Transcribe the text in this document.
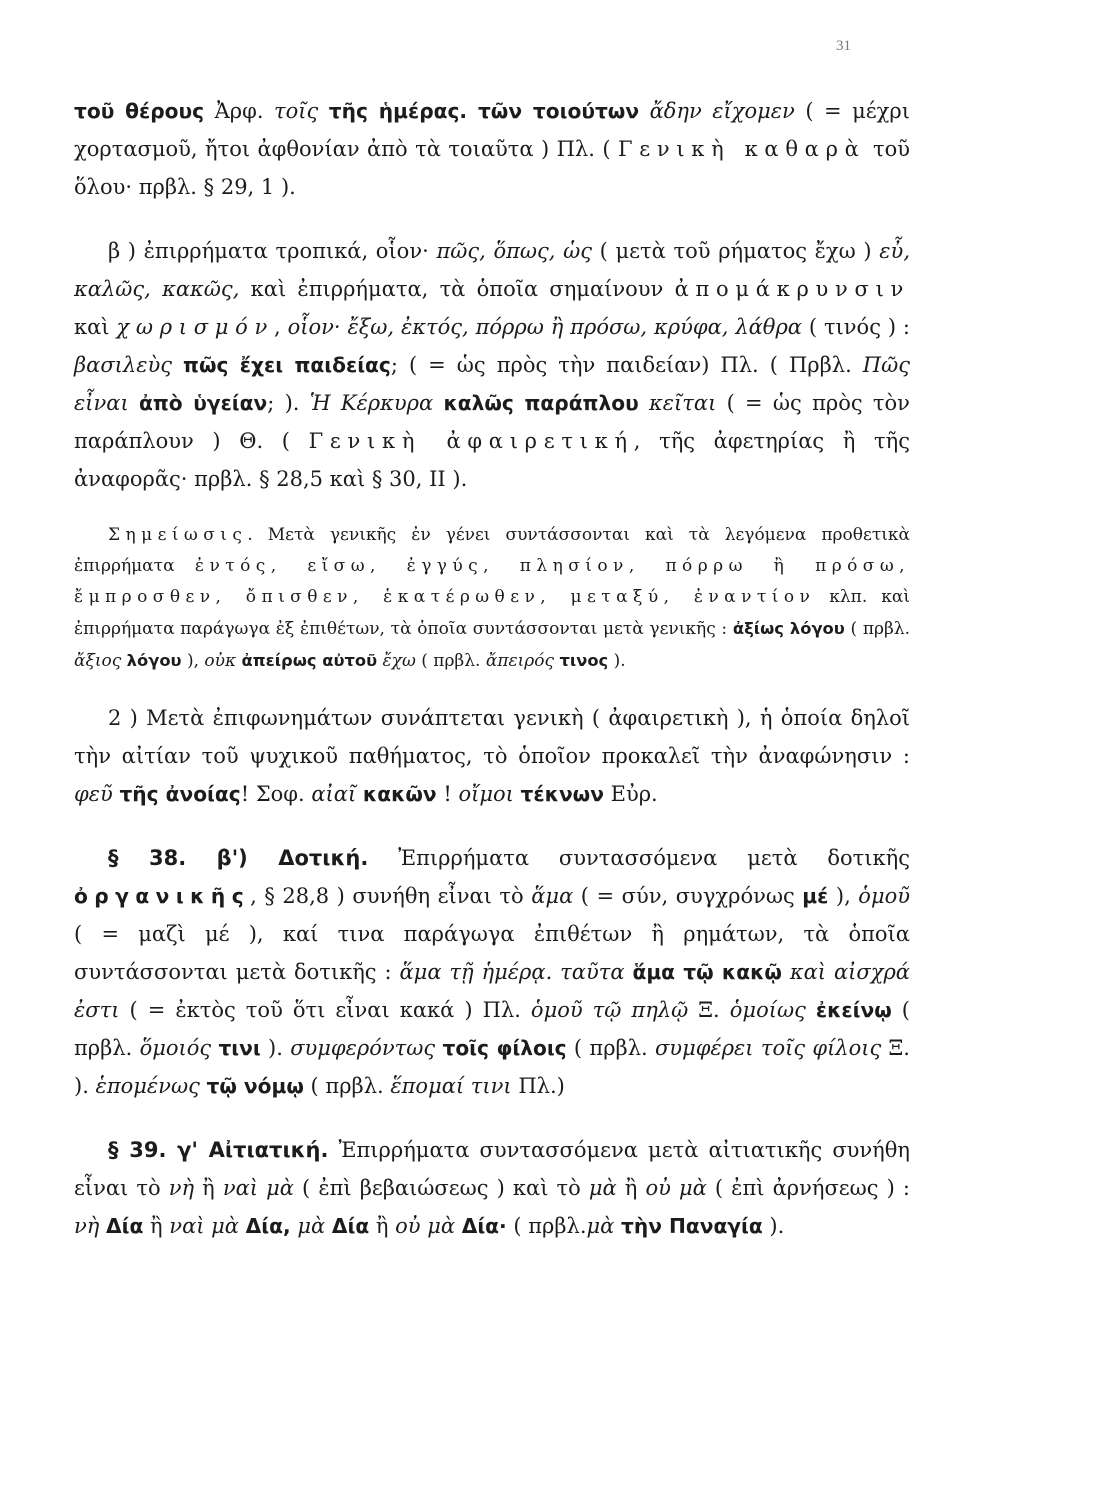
31

τοῦ θέρους Ἀρφ. τοῖς τῆς ἡμέρας. τῶν τοιούτων ἄδην εἴχομεν ( = μέχρι χορτασμοῦ, ἤτοι ἀφθονίαν ἀπὸ τὰ τοιαῦτα ) Πλ. ( Γενικὴ καθαρὰ τοῦ ὅλου· πρβλ. § 29, 1 ).

β ) ἐπιρρήματα τροπικά, οἷον· πῶς, ὅπως, ὡς ( μετὰ τοῦ ρήματος ἔχω ) εὖ, καλῶς, κακῶς, καὶ ἐπιρρήματα, τὰ ὁποῖα σημαίνουν ἀπομάκρυνσιν καὶ χωρισμόν, οἷον· ἔξω, ἐκτός, πόρρω ἢ πρόσω, κρύφα, λάθρα ( τινός ) : βασιλεὺς πῶς ἔχει παιδείας; ( = ὡς πρὸς τὴν παιδείαν) Πλ. ( Πρβλ. Πῶς εἶναι ἀπὸ ὑγείαν; ). Ἡ Κέρκυρα καλῶς παράπλου κεῖται ( = ὡς πρὸς τὸν παράπλουν ) Θ. ( Γενικὴ ἀφαιρετική, τῆς ἀφετηρίας ἢ τῆς ἀναφορᾶς· πρβλ. § 28,5 καὶ § 30, II ).

Σημείωσις. Μετὰ γενικῆς ἐν γένει συντάσσονται καὶ τὰ λεγόμενα προθετικὰ ἐπιρρήματα ἐντός, εἴσω, ἐγγύς, πλησίον, πόρρω ἢ πρόσω, ἔμπροσθεν, ὄπισθεν, ἑκατέρωθεν, μεταξύ, ἐναντίον κλπ. καὶ ἐπιρρήματα παράγωγα ἐξ ἐπιθέτων, τὰ ὁποῖα συντάσσονται μετὰ γενικῆς : ἀξίως λόγου ( πρβλ. ἄξιος λόγου ), οὐκ ἀπείρως αὐτοῦ ἔχω ( πρβλ. ἄπειρός τινος ).

2 ) Μετὰ ἐπιφωνημάτων συνάπτεται γενικὴ ( ἀφαιρετικὴ ), ἡ ὁποία δηλοῖ τὴν αἰτίαν τοῦ ψυχικοῦ παθήματος, τὸ ὁποῖον προκαλεῖ τὴν ἀναφώνησιν : φεῦ τῆς ἀνοίας! Σοφ. αἰαῖ κακῶν ! οἴμοι τέκνων Εὐρ.

§ 38. β') Δοτική. Ἐπιρρήματα συντασσόμενα μετὰ δοτικῆς ὀργανικῆς, § 28,8 ) συνήθη εἶναι τὸ ἅμα ( = σύν, συγχρόνως μέ ), ὁμοῦ ( = μαζὶ μέ ), καί τινα παράγωγα ἐπιθέτων ἢ ρημάτων, τὰ ὁποῖα συντάσσονται μετὰ δοτικῆς : ἅμα τῇ ἡμέρᾳ. ταῦτα ἅμα τῷ κακῷ καὶ αἰσχρά ἐστι ( = ἐκτὸς τοῦ ὅτι εἶναι κακά ) Πλ. ὁμοῦ τῷ πηλῷ Ξ. ὁμοίως ἐκείνῳ ( πρβλ. ὅμοιός τινι ). συμφερόντως τοῖς φίλοις ( πρβλ. συμφέρει τοῖς φίλοις Ξ. ). ἑπομένως τῷ νόμῳ ( πρβλ. ἕπομαί τινι Πλ.)

§ 39. γ' Αἰτιατική. Ἐπιρρήματα συντασσόμενα μετὰ αἰτιατικῆς συνήθη εἶναι τὸ νὴ ἢ ναὶ μὰ ( ἐπὶ βεβαιώσεως ) καὶ τὸ μὰ ἢ οὐ μὰ ( ἐπὶ ἀρνήσεως ) : νὴ Δία ἢ ναὶ μὰ Δία, μὰ Δία ἢ οὐ μὰ Δία· ( πρβλ.μὰ τὴν Παναγία ).
